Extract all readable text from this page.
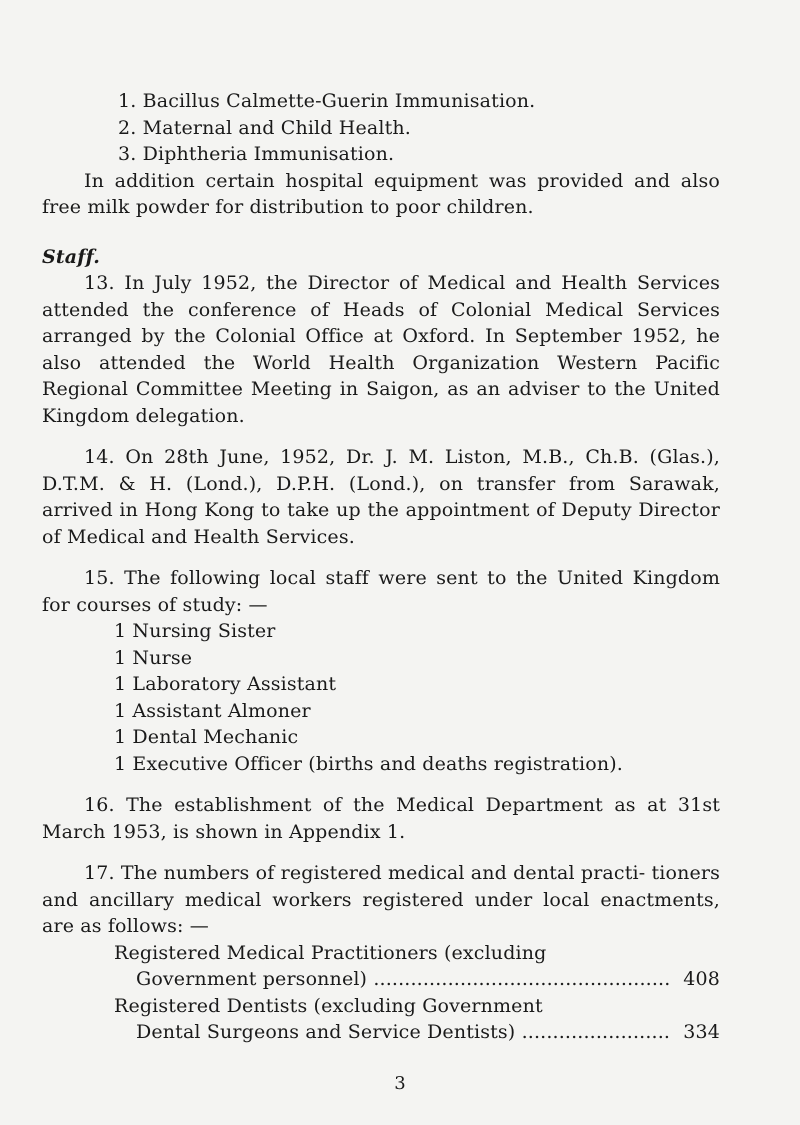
1. Bacillus Calmette-Guerin Immunisation.
2. Maternal and Child Health.
3. Diphtheria Immunisation.

In addition certain hospital equipment was provided and also free milk powder for distribution to poor children.

Staff.

13. In July 1952, the Director of Medical and Health Services attended the conference of Heads of Colonial Medical Services arranged by the Colonial Office at Oxford. In September 1952, he also attended the World Health Organization Western Pacific Regional Committee Meeting in Saigon, as an adviser to the United Kingdom delegation.

14. On 28th June, 1952, Dr. J. M. Liston, M.B., Ch.B. (Glas.), D.T.M. & H. (Lond.), D.P.H. (Lond.), on transfer from Sarawak, arrived in Hong Kong to take up the appointment of Deputy Director of Medical and Health Services.

15. The following local staff were sent to the United Kingdom for courses of study: —

1 Nursing Sister
1 Nurse
1 Laboratory Assistant
1 Assistant Almoner
1 Dental Mechanic
1 Executive Officer (births and deaths registration).

16. The establishment of the Medical Department as at 31st March 1953, is shown in Appendix 1.

17. The numbers of registered medical and dental practi- tioners and ancillary medical workers registered under local enactments, are as follows: —

Registered Medical Practitioners (excluding
Government personnel) .....	408
Registered Dentists (excluding Government
Dental Surgeons and Service Dentists) .....	334
3
